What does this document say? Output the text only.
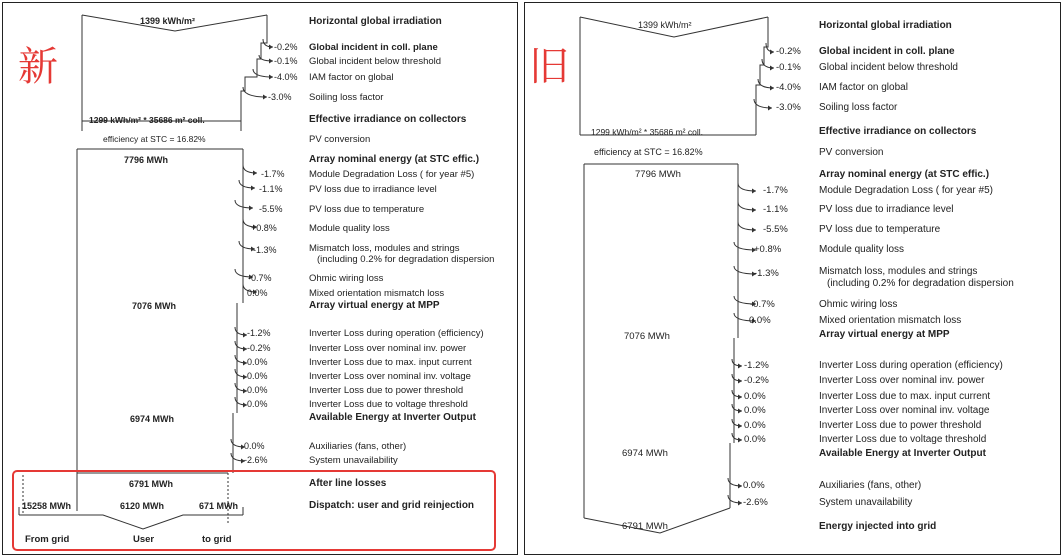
新
1399 kWh/m²	Horizontal global irradiation
-0.2% Global incident in coll. plane
-0.1% Global incident below threshold
-4.0% IAM factor on global
-3.0% Soiling loss factor
1299 kWh/m² * 35686 m² coll.	Effective irradiance on collectors
efficiency at STC = 16.82%	PV conversion
7796 MWh	Array nominal energy (at STC effic.)
-1.7%	Module Degradation Loss ( for year #5)
-1.1%	PV loss due to irradiance level
-5.5%	PV loss due to temperature
+0.8%	Module quality loss
-1.3%	Mismatch loss, modules and strings
(including 0.2% for degradation dispersion
-0.7%	Ohmic wiring loss
0.0%	Mixed orientation mismatch loss
7076 MWh	Array virtual energy at MPP
-1.2%	Inverter Loss during operation (efficiency)
-0.2%	Inverter Loss over nominal inv. power
0.0%	Inverter Loss due to max. input current
0.0%	Inverter Loss over nominal inv. voltage
0.0%	Inverter Loss due to power threshold
0.0%	Inverter Loss due to voltage threshold
6974 MWh	Available Energy at Inverter Output
0.0%	Auxiliaries (fans, other)
-2.6%	System unavailability
6791 MWh	After line losses
15258 MWh	6120 MWh	671 MWh	Dispatch: user and grid reinjection
From grid	User	to grid
旧
1399 kWh/m²	Horizontal global irradiation
-0.2% Global incident in coll. plane
-0.1% Global incident below threshold
-4.0% IAM factor on global
-3.0% Soiling loss factor
1299 kWh/m² * 35686 m² coll.	Effective irradiance on collectors
efficiency at STC = 16.82%	PV conversion
7796 MWh	Array nominal energy (at STC effic.)
-1.7%	Module Degradation Loss ( for year #5)
-1.1%	PV loss due to irradiance level
-5.5%	PV loss due to temperature
+0.8%	Module quality loss
-1.3%	Mismatch loss, modules and strings
(including 0.2% for degradation dispersion
-0.7%	Ohmic wiring loss
0.0%	Mixed orientation mismatch loss
7076 MWh	Array virtual energy at MPP
-1.2%	Inverter Loss during operation (efficiency)
-0.2%	Inverter Loss over nominal inv. power
0.0%	Inverter Loss due to max. input current
0.0%	Inverter Loss over nominal inv. voltage
0.0%	Inverter Loss due to power threshold
0.0%	Inverter Loss due to voltage threshold
6974 MWh	Available Energy at Inverter Output
0.0%	Auxiliaries (fans, other)
-2.6%	System unavailability
6791 MWh	Energy injected into grid
